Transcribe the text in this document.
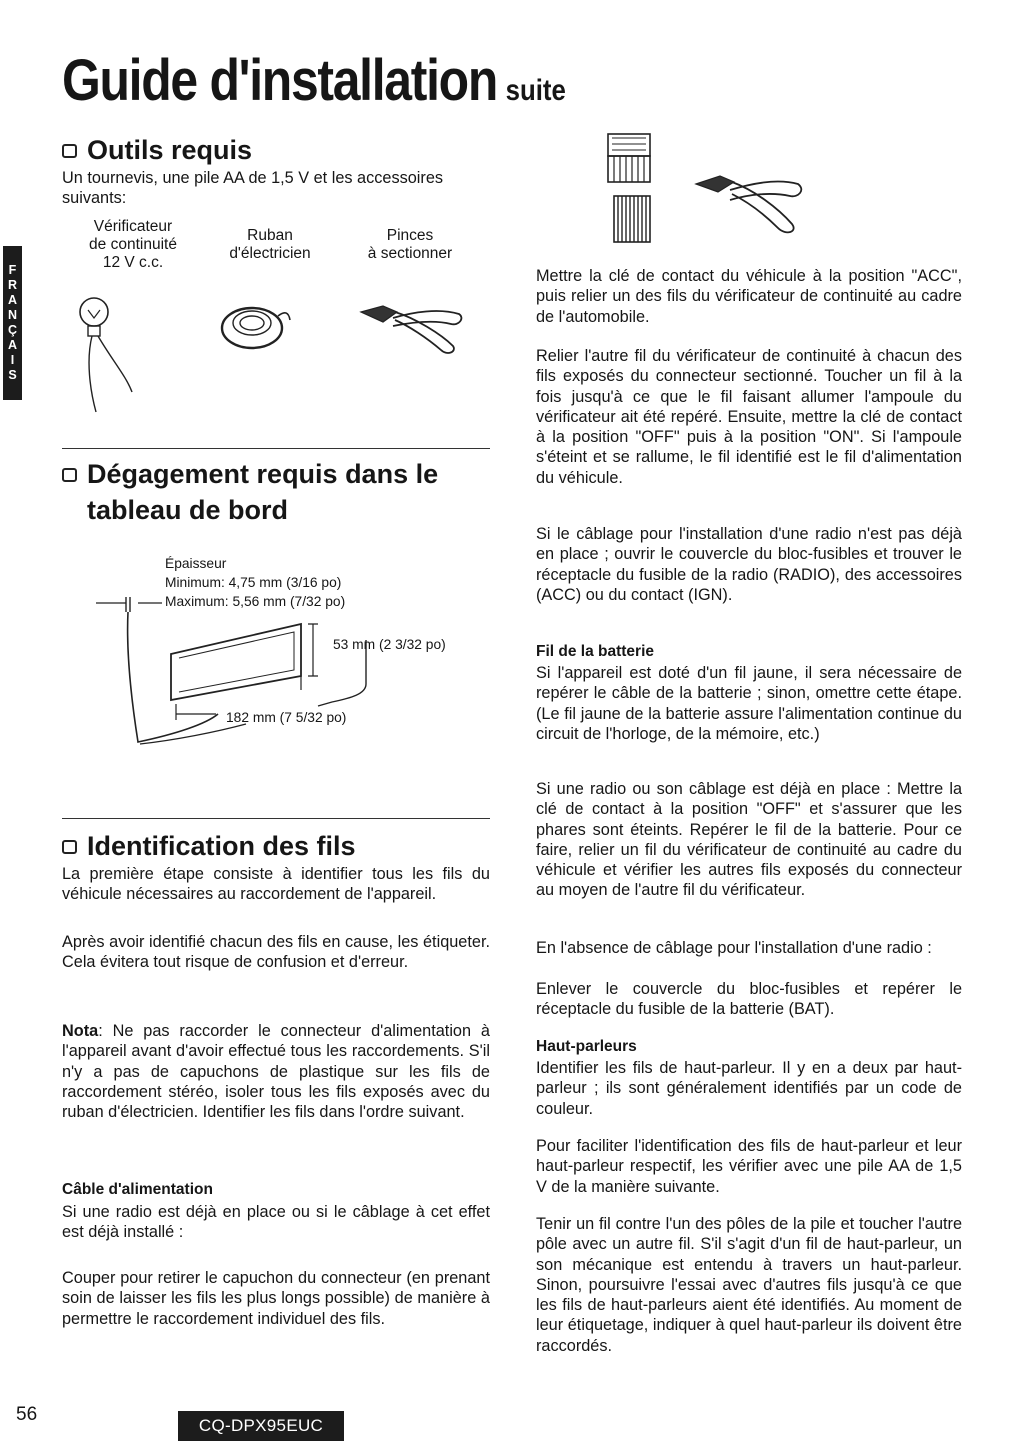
Guide d'installation suite
F
R
A
N
Ç
A
I
S
Outils requis
Un tournevis, une pile AA de 1,5 V et les accessoires suivants:
Vérificateur
de continuité
12 V c.c.
Ruban
d'électricien
Pinces
à sectionner
Dégagement requis dans le
tableau de bord
Épaisseur
Minimum: 4,75 mm (3/16 po)
Maximum: 5,56 mm (7/32 po)
53 mm (2 3/32 po)
182 mm (7 5/32 po)
Identification des fils
La première étape consiste à identifier tous les fils du véhicule nécessaires au raccordement de l'appareil.
Après avoir identifié chacun des fils en cause, les étiqueter. Cela évitera tout risque de confusion et d'erreur.
Nota: Ne pas raccorder le connecteur d'alimentation à l'appareil avant d'avoir effectué tous les raccordements. S'il n'y a pas de capuchons de plastique sur les fils de raccordement stéréo, isoler tous les fils exposés avec du ruban d'électricien. Identifier les fils dans l'ordre suivant.
Câble d'alimentation
Si une radio est déjà en place ou si le câblage à cet effet est déjà installé :
Couper pour retirer le capuchon du connecteur (en prenant soin de laisser les fils les plus longs possible) de manière à permettre le raccordement individuel des fils.
Mettre la clé de contact du véhicule à la position "ACC", puis relier un des fils du vérificateur de continuité au cadre de l'automobile.
Relier l'autre fil du vérificateur de continuité à chacun des fils exposés du connecteur sectionné. Toucher un fil à la fois jusqu'à ce que le fil faisant allumer l'ampoule du vérificateur ait été repéré. Ensuite, mettre la clé de contact à la position "OFF" puis à la position "ON". Si l'ampoule s'éteint et se rallume, le fil identifié est le fil d'alimentation du véhicule.
Si le câblage pour l'installation d'une radio n'est pas déjà en place ; ouvrir le couvercle du bloc-fusibles et trouver le réceptacle du fusible de la radio (RADIO), des accessoires (ACC) ou du contact (IGN).
Fil de la batterie
Si l'appareil est doté d'un fil jaune, il sera nécessaire de repérer le câble de la batterie ; sinon, omettre cette étape. (Le fil jaune de la batterie assure l'alimentation continue du circuit de l'horloge, de la mémoire, etc.)
Si une radio ou son câblage est déjà en place : Mettre la clé de contact à la position "OFF" et s'assurer que les phares sont éteints. Repérer le fil de la batterie. Pour ce faire, relier un fil du vérificateur de continuité au cadre du véhicule et vérifier les autres fils exposés du connecteur au moyen de l'autre fil du vérificateur.
En l'absence de câblage pour l'installation d'une radio :
Enlever le couvercle du bloc-fusibles et repérer le réceptacle du fusible de la batterie (BAT).
Haut-parleurs
Identifier les fils de haut-parleur. Il y en a deux par haut-parleur ; ils sont généralement identifiés par un code de couleur.
Pour faciliter l'identification des fils de haut-parleur et leur haut-parleur respectif, les vérifier avec une pile AA de 1,5 V de la manière suivante.
Tenir un fil contre l'un des pôles de la pile et toucher l'autre pôle avec un autre fil. S'il s'agit d'un fil de haut-parleur, un son mécanique est entendu à travers un haut-parleur. Sinon, poursuivre l'essai avec d'autres fils jusqu'à ce que les fils de haut-parleurs aient été identifiés. Au moment de leur étiquetage, indiquer à quel haut-parleur ils doivent être raccordés.
56
CQ-DPX95EUC
